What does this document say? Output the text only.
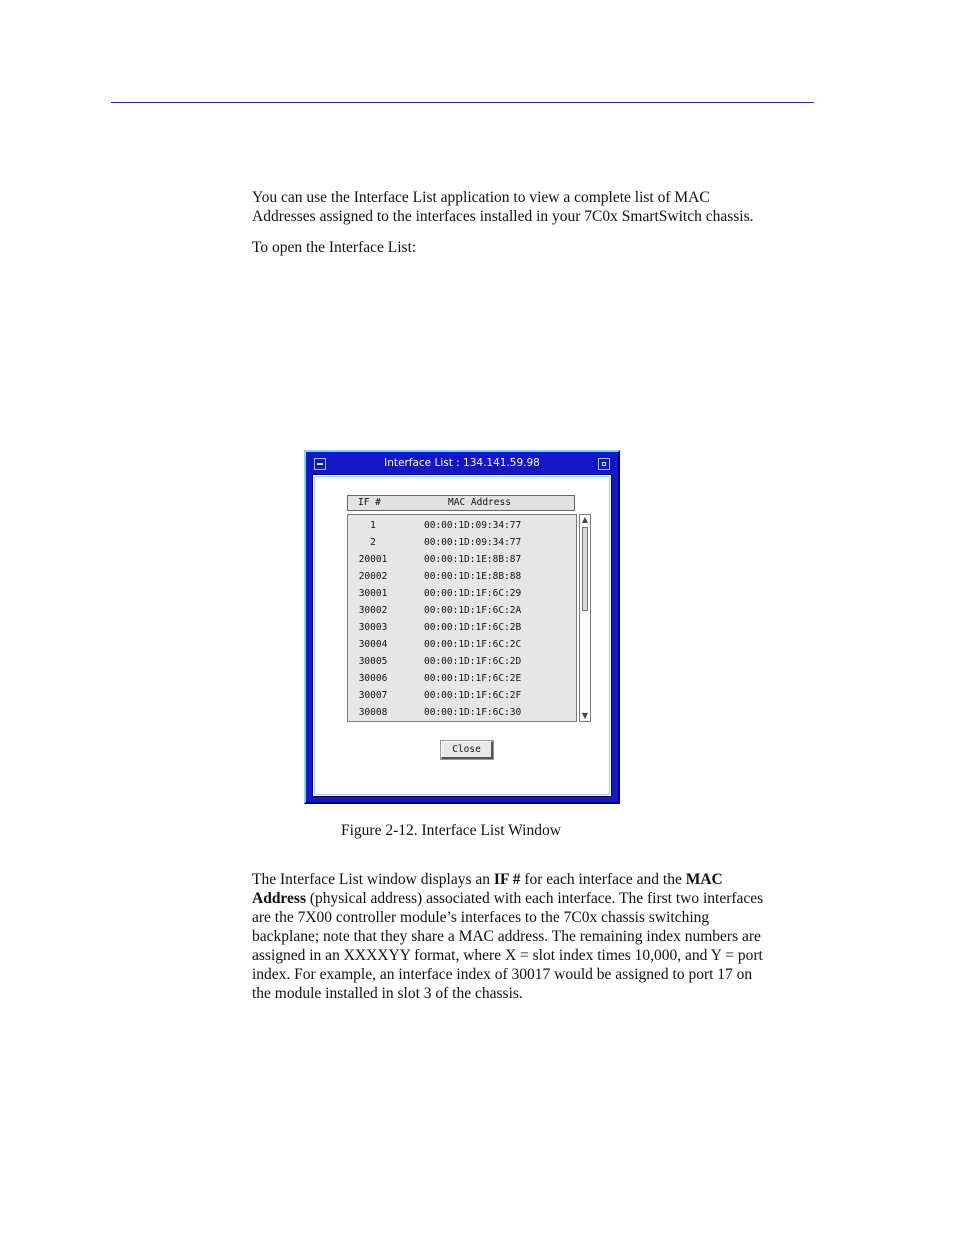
You can use the Interface List application to view a complete list of MAC

Addresses assigned to the interfaces installed in your 7C0x SmartSwitch chassis.

To open the Interface List:

Interface List : 134.141.59.98
IF #	MAC Address
1	00:00:1D:09:34:77
2	00:00:1D:09:34:77
20001	00:00:1D:1E:8B:87
20002	00:00:1D:1E:8B:88
30001	00:00:1D:1F:6C:29
30002	00:00:1D:1F:6C:2A
30003	00:00:1D:1F:6C:2B
30004	00:00:1D:1F:6C:2C
30005	00:00:1D:1F:6C:2D
30006	00:00:1D:1F:6C:2E
30007	00:00:1D:1F:6C:2F
30008	00:00:1D:1F:6C:30
▲
▼
Close
Figure 2-12. Interface List Window

The Interface List window displays an IF # for each interface and the MAC

Address (physical address) associated with each interface. The first two interfaces

are the 7X00 controller module’s interfaces to the 7C0x chassis switching

backplane; note that they share a MAC address. The remaining index numbers are

assigned in an XXXXYY format, where X = slot index times 10,000, and Y = port

index. For example, an interface index of 30017 would be assigned to port 17 on

the module installed in slot 3 of the chassis.
